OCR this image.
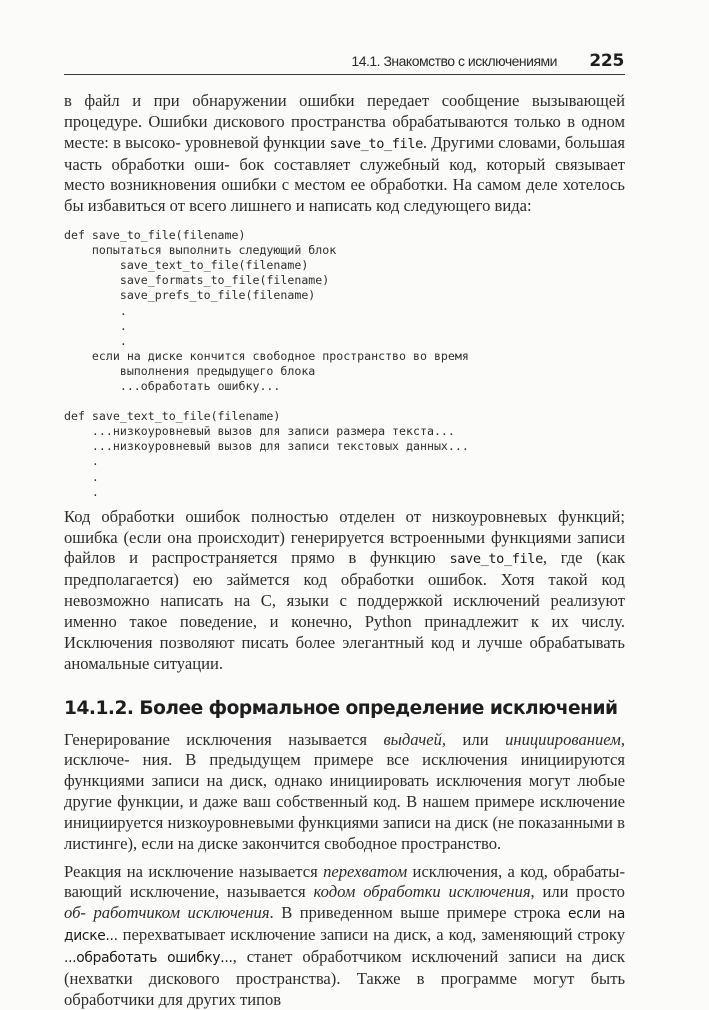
14.1. Знакомство с исключениями 225

в файл и при обнаружении ошибки передает сообщение вызывающей процедуре. Ошибки дискового пространства обрабатываются только в одном месте: в высоко- уровневой функции save_to_file. Другими словами, большая часть обработки оши- бок составляет служебный код, который связывает место возникновения ошибки с местом ее обработки. На самом деле хотелось бы избавиться от всего лишнего и написать код следующего вида:

def save_to_file(filename)
попытаться выполнить следующий блок
save_text_to_file(filename)
save_formats_to_file(filename)
save_prefs_to_file(filename)
.
.
.
если на диске кончится свободное пространство во время
выполнения предыдущего блока
...обработать ошибку...
def save_text_to_file(filename)
...низкоуровневый вызов для записи размера текста...
...низкоуровневый вызов для записи текстовых данных...
.
.
.

Код обработки ошибок полностью отделен от низкоуровневых функций; ошибка (если она происходит) генерируется встроенными функциями записи файлов и распространяется прямо в функцию save_to_file, где (как предполагается) ею займется код обработки ошибок. Хотя такой код невозможно написать на C, языки с поддержкой исключений реализуют именно такое поведение, и конечно, Python принадлежит к их числу. Исключения позволяют писать более элегантный код и лучше обрабатывать аномальные ситуации.

14.1.2. Более формальное определение исключений

Генерирование исключения называется выдачей, или инициированием, исключе- ния. В предыдущем примере все исключения инициируются функциями записи на диск, однако инициировать исключения могут любые другие функции, и даже ваш собственный код. В нашем примере исключение инициируется низкоуровневыми функциями записи на диск (не показанными в листинге), если на диске закончится свободное пространство.

Реакция на исключение называется перехватом исключения, а код, обрабаты- вающий исключение, называется кодом обработки исключения, или просто об- работчиком исключения. В приведенном выше примере строка если на диске... перехватывает исключение записи на диск, а код, заменяющий строку ...обработать ошибку..., станет обработчиком исключений записи на диск (нехватки дискового пространства). Также в программе могут быть обработчики для других типов
